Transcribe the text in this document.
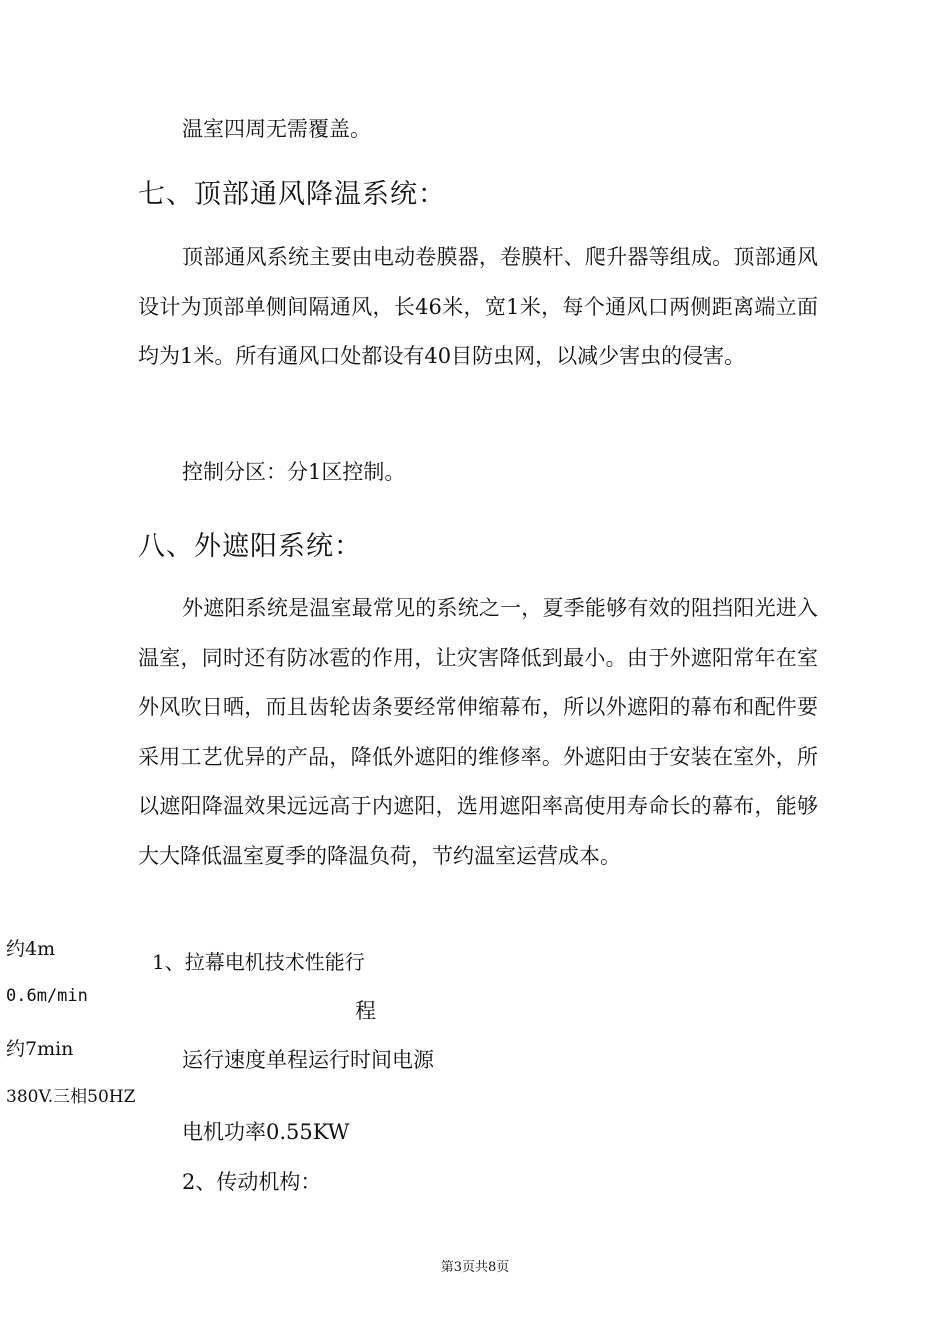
温室四周无需覆盖。
七、顶部通风降温系统：
顶部通风系统主要由电动卷膜器，卷膜杆、爬升器等组成。顶部通风设计为顶部单侧间隔通风，长46米，宽1米，每个通风口两侧距离端立面均为1米。所有通风口处都设有40目防虫网，以减少害虫的侵害。
控制分区：分1区控制。
八、外遮阳系统：
外遮阳系统是温室最常见的系统之一，夏季能够有效的阻挡阳光进入温室，同时还有防冰雹的作用，让灾害降低到最小。由于外遮阳常年在室外风吹日晒，而且齿轮齿条要经常伸缩幕布，所以外遮阳的幕布和配件要采用工艺优异的产品，降低外遮阳的维修率。外遮阳由于安装在室外，所以遮阳降温效果远远高于内遮阳，选用遮阳率高使用寿命长的幕布，能够大大降低温室夏季的降温负荷，节约温室运营成本。
约4m
0.6m/min
约7min
380V.三相50HZ
1、拉幕电机技术性能行
程
运行速度单程运行时间电源
电机功率0.55KW
2、传动机构：
第3页共8页
